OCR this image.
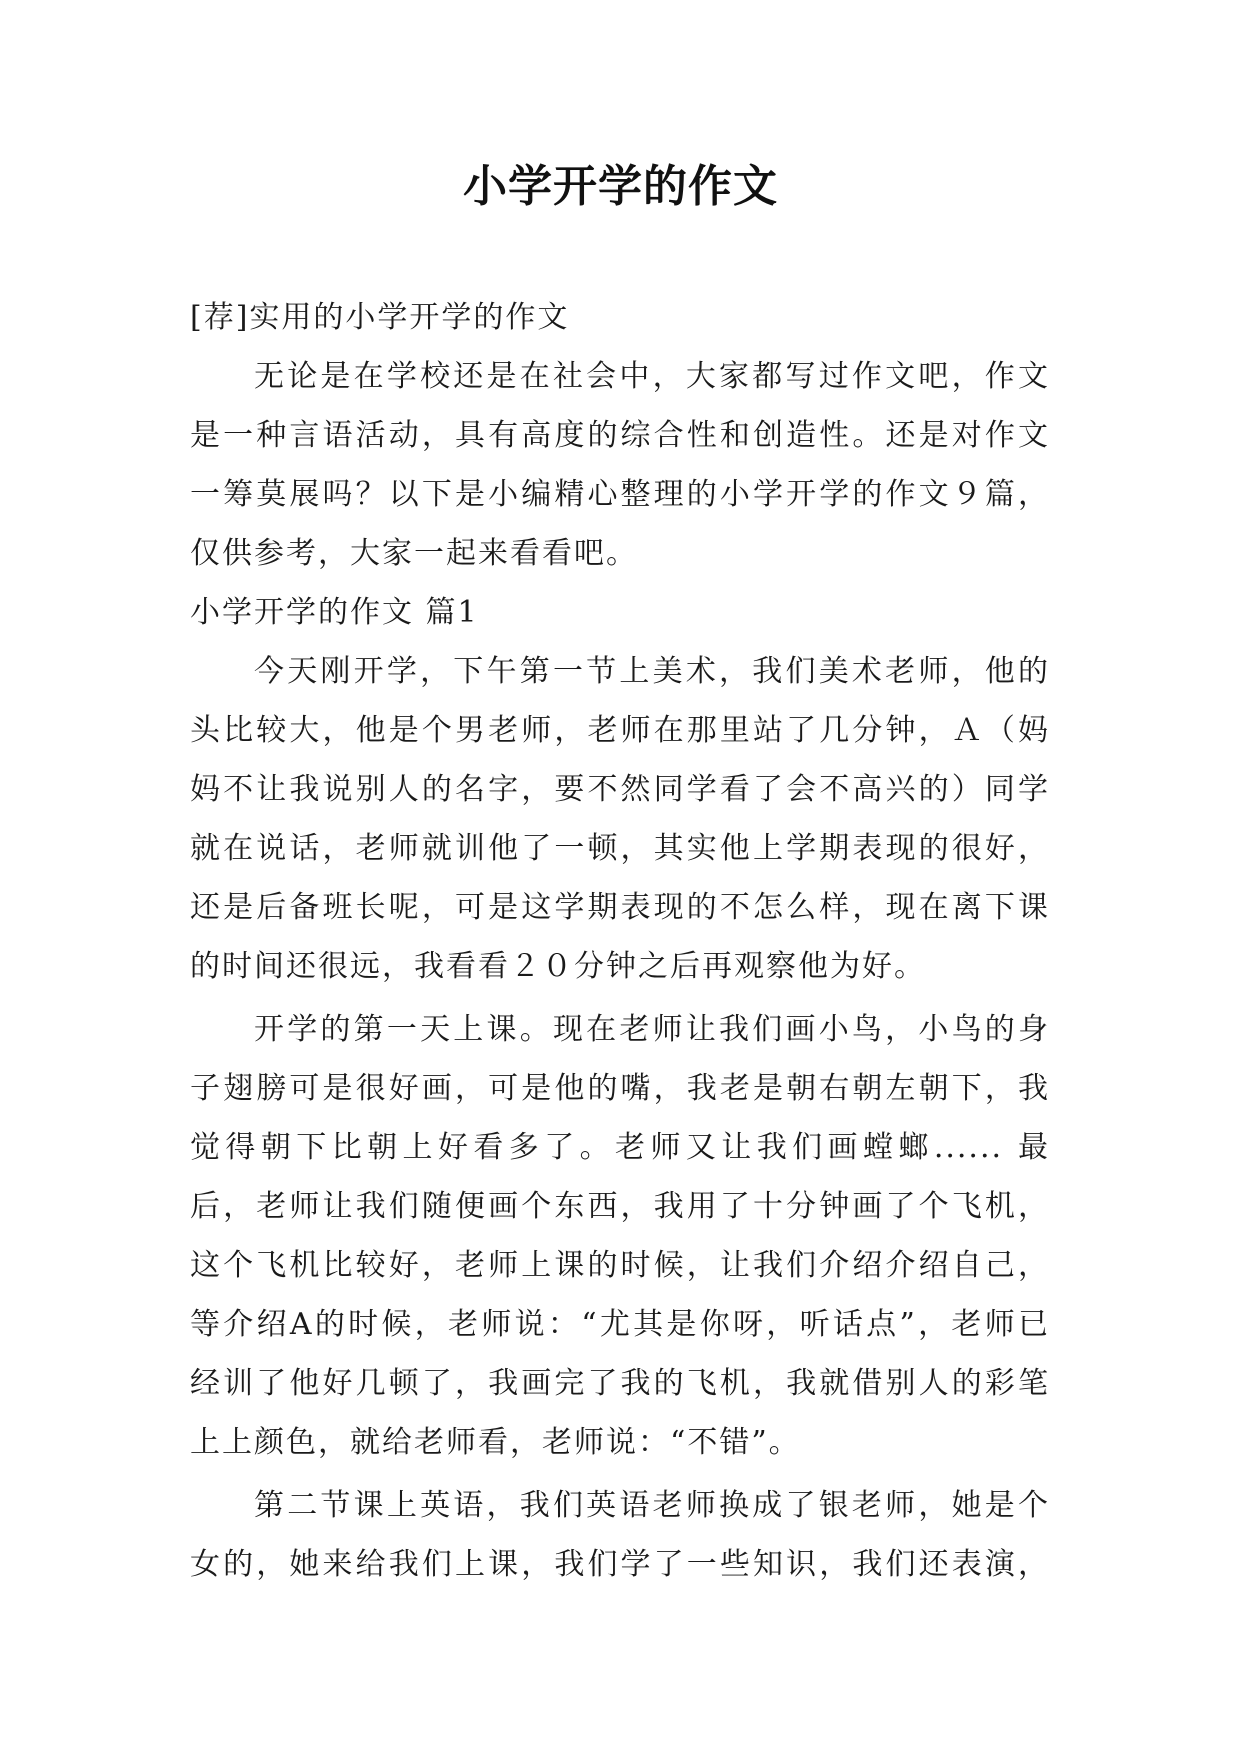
小学开学的作文
[荐]实用的小学开学的作文
无论是在学校还是在社会中，大家都写过作文吧，作文
是一种言语活动，具有高度的综合性和创造性。还是对作文
一筹莫展吗？以下是小编精心整理的小学开学的作文９篇，
仅供参考，大家一起来看看吧。
小学开学的作文 篇1
今天刚开学，下午第一节上美术，我们美术老师，他的
头比较大，他是个男老师，老师在那里站了几分钟，Ａ（妈
妈不让我说别人的名字，要不然同学看了会不高兴的）同学
就在说话，老师就训他了一顿，其实他上学期表现的很好，
还是后备班长呢，可是这学期表现的不怎么样，现在离下课
的时间还很远，我看看２０分钟之后再观察他为好。
开学的第一天上课。现在老师让我们画小鸟，小鸟的身
子翅膀可是很好画，可是他的嘴，我老是朝右朝左朝下，我
觉得朝下比朝上好看多了。老师又让我们画螳螂...... 最
后，老师让我们随便画个东西，我用了十分钟画了个飞机，
这个飞机比较好，老师上课的时候，让我们介绍介绍自己，
等介绍A的时候，老师说：“尤其是你呀，听话点”，老师已
经训了他好几顿了，我画完了我的飞机，我就借别人的彩笔
上上颜色，就给老师看，老师说：“不错”。
第二节课上英语，我们英语老师换成了银老师，她是个
女的，她来给我们上课，我们学了一些知识，我们还表演，
